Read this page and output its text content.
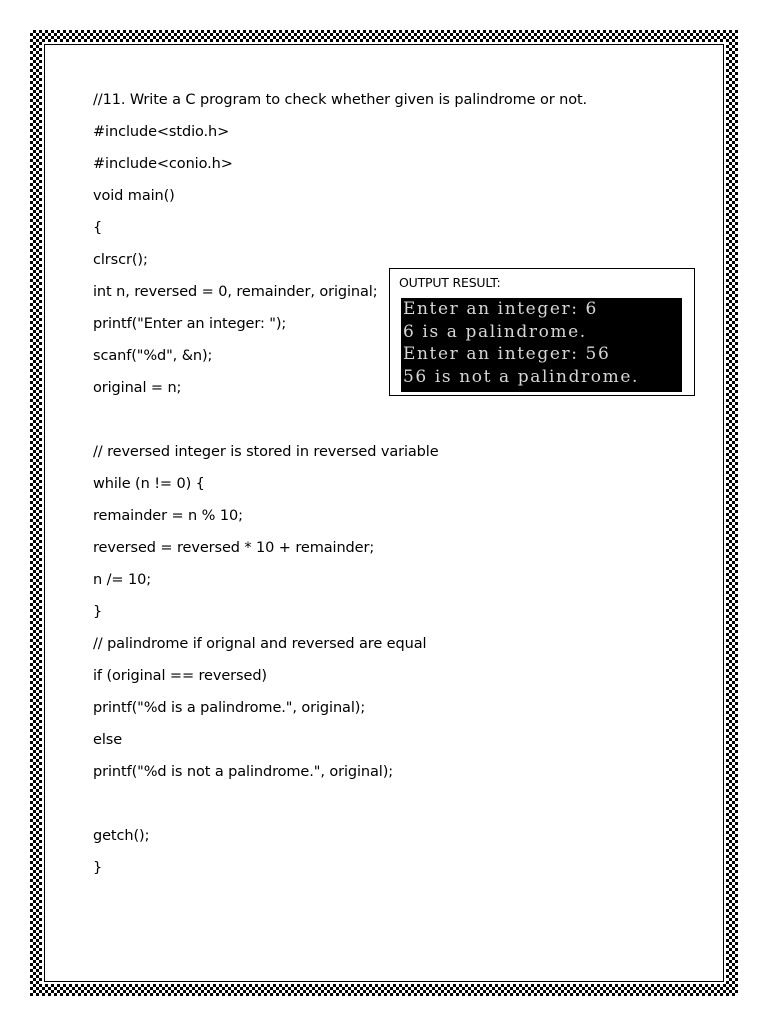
//11. Write a C program to check whether given is palindrome or not.

#include<stdio.h>

#include<conio.h>

void main()

{

clrscr();

int n, reversed = 0, remainder, original;

printf("Enter an integer: ");

scanf("%d", &n);

original = n;

// reversed integer is stored in reversed variable

while (n != 0) {

remainder = n % 10;

reversed = reversed * 10 + remainder;

n /= 10;

}

// palindrome if orignal and reversed are equal

if (original == reversed)

printf("%d is a palindrome.", original);

else

printf("%d is not a palindrome.", original);

getch();

}

OUTPUT RESULT:

Enter an integer: 6

6 is a palindrome.

Enter an integer: 56

56 is not a palindrome.
